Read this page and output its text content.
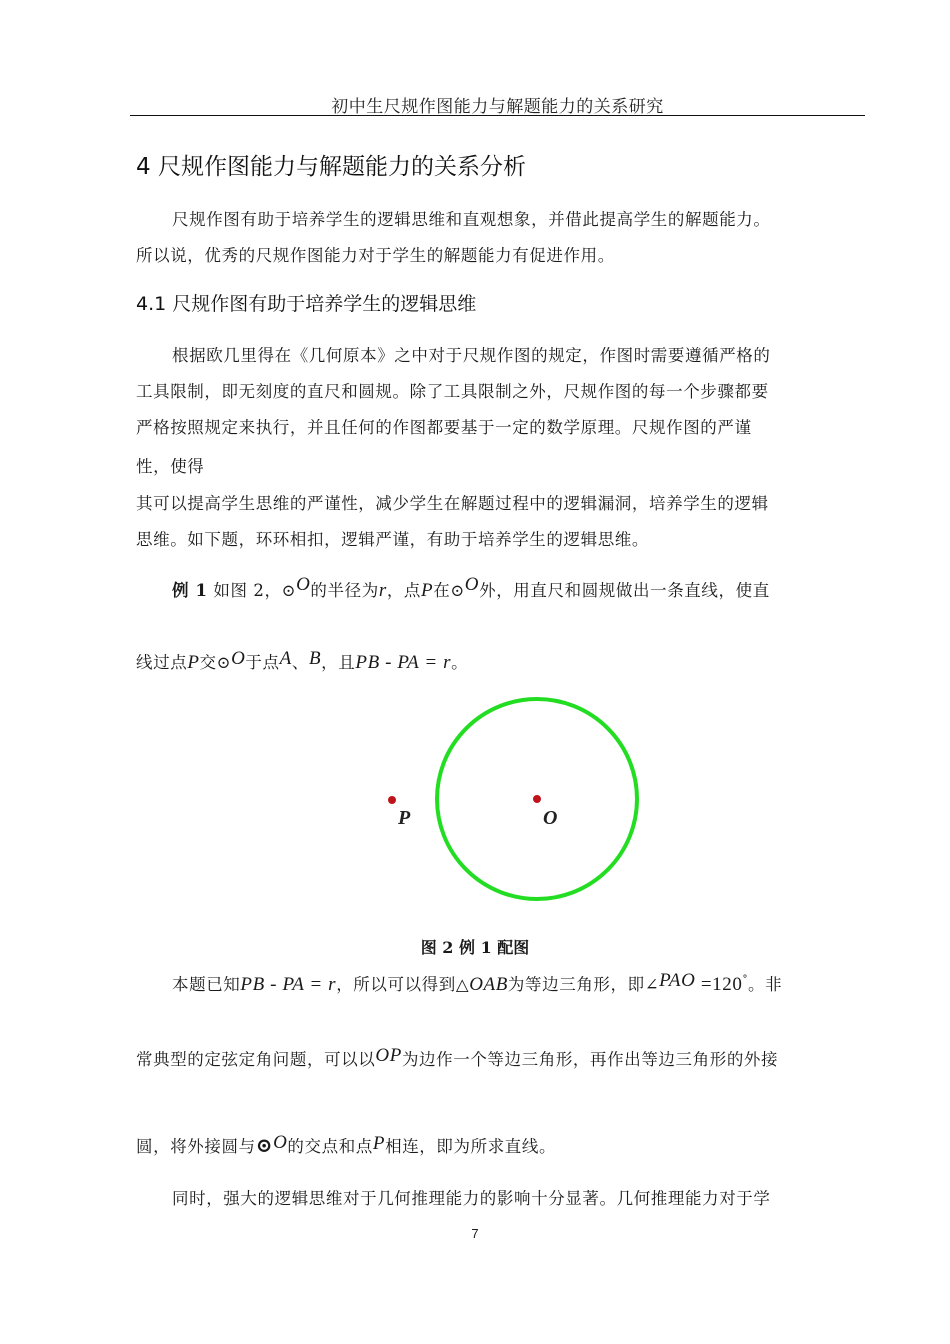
初中生尺规作图能力与解题能力的关系研究
4 尺规作图能力与解题能力的关系分析
尺规作图有助于培养学生的逻辑思维和直观想象，并借此提高学生的解题能力。
所以说，优秀的尺规作图能力对于学生的解题能力有促进作用。
4.1 尺规作图有助于培养学生的逻辑思维
根据欧几里得在《几何原本》之中对于尺规作图的规定，作图时需要遵循严格的
工具限制，即无刻度的直尺和圆规。除了工具限制之外，尺规作图的每一个步骤都要
严格按照规定来执行，并且任何的作图都要基于一定的数学原理。尺规作图的严谨
性，使得
其可以提高学生思维的严谨性，减少学生在解题过程中的逻辑漏洞，培养学生的逻辑
思维。如下题，环环相扣，逻辑严谨，有助于培养学生的逻辑思维。
例 1 如图 2，⊙O的半径为r，点P在⊙O外，用直尺和圆规做出一条直线，使直
线过点P交⊙O于点A、B，且PB - PA = r。
P	O
图 2 例 1 配图
本题已知PB - PA = r，所以可以得到△OAB为等边三角形，即∠PAO =120°。非
常典型的定弦定角问题，可以以OP为边作一个等边三角形，再作出等边三角形的外接
圆，将外接圆与⊙O的交点和点P相连，即为所求直线。
同时，强大的逻辑思维对于几何推理能力的影响十分显著。几何推理能力对于学
7
